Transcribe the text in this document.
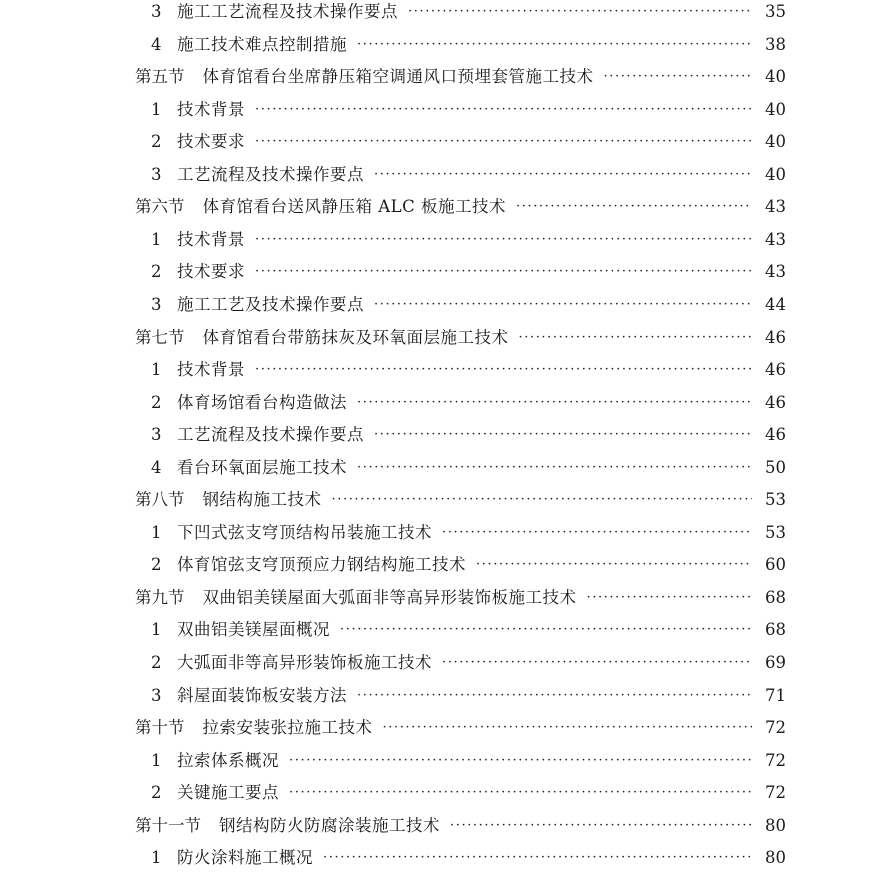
3 施工工艺流程及技术操作要点 ·····	35
4 施工技术难点控制措施 ·····	38
第五节 体育馆看台坐席静压箱空调通风口预埋套管施工技术 ·····	40
1 技术背景 ·····	40
2 技术要求 ·····	40
3 工艺流程及技术操作要点 ·····	40
第六节 体育馆看台送风静压箱 ALC 板施工技术 ·····	43
1 技术背景 ·····	43
2 技术要求 ·····	43
3 施工工艺及技术操作要点 ·····	44
第七节 体育馆看台带筋抹灰及环氧面层施工技术 ·····	46
1 技术背景 ·····	46
2 体育场馆看台构造做法 ·····	46
3 工艺流程及技术操作要点 ·····	46
4 看台环氧面层施工技术 ·····	50
第八节 钢结构施工技术 ·····	53
1 下凹式弦支穹顶结构吊装施工技术 ·····	53
2 体育馆弦支穹顶预应力钢结构施工技术 ·····	60
第九节 双曲铝美镁屋面大弧面非等高异形装饰板施工技术 ·····	68
1 双曲铝美镁屋面概况 ·····	68
2 大弧面非等高异形装饰板施工技术 ·····	69
3 斜屋面装饰板安装方法 ·····	71
第十节 拉索安装张拉施工技术 ·····	72
1 拉索体系概况 ·····	72
2 关键施工要点 ·····	72
第十一节 钢结构防火防腐涂装施工技术 ·····	80
1 防火涂料施工概况 ·····	80
